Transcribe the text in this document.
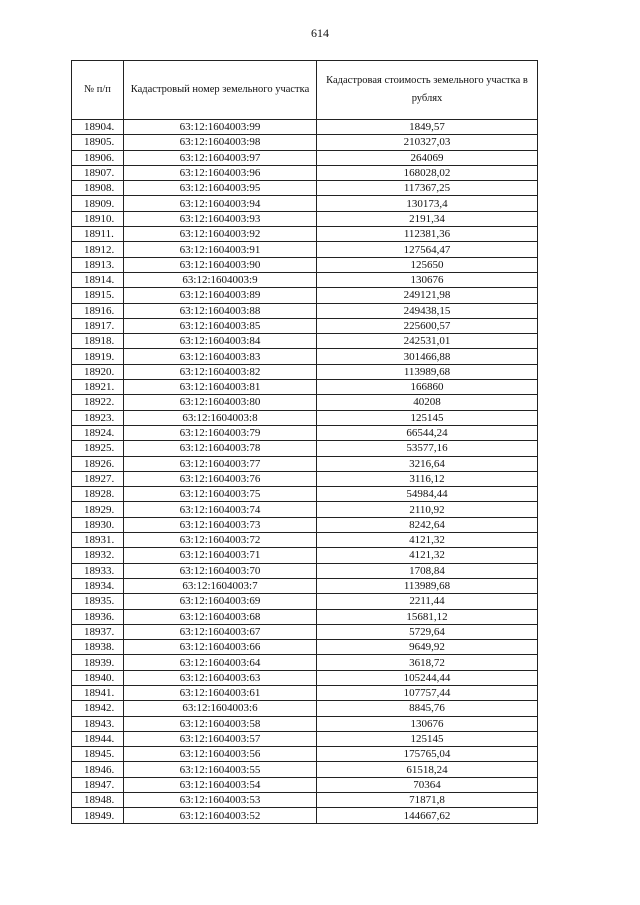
614
№ п/п	Кадастровый номер земельного участка	Кадастровая стоимость земельного участка в рублях
18904.	63:12:1604003:99	1849,57
18905.	63:12:1604003:98	210327,03
18906.	63:12:1604003:97	264069
18907.	63:12:1604003:96	168028,02
18908.	63:12:1604003:95	117367,25
18909.	63:12:1604003:94	130173,4
18910.	63:12:1604003:93	2191,34
18911.	63:12:1604003:92	112381,36
18912.	63:12:1604003:91	127564,47
18913.	63:12:1604003:90	125650
18914.	63:12:1604003:9	130676
18915.	63:12:1604003:89	249121,98
18916.	63:12:1604003:88	249438,15
18917.	63:12:1604003:85	225600,57
18918.	63:12:1604003:84	242531,01
18919.	63:12:1604003:83	301466,88
18920.	63:12:1604003:82	113989,68
18921.	63:12:1604003:81	166860
18922.	63:12:1604003:80	40208
18923.	63:12:1604003:8	125145
18924.	63:12:1604003:79	66544,24
18925.	63:12:1604003:78	53577,16
18926.	63:12:1604003:77	3216,64
18927.	63:12:1604003:76	3116,12
18928.	63:12:1604003:75	54984,44
18929.	63:12:1604003:74	2110,92
18930.	63:12:1604003:73	8242,64
18931.	63:12:1604003:72	4121,32
18932.	63:12:1604003:71	4121,32
18933.	63:12:1604003:70	1708,84
18934.	63:12:1604003:7	113989,68
18935.	63:12:1604003:69	2211,44
18936.	63:12:1604003:68	15681,12
18937.	63:12:1604003:67	5729,64
18938.	63:12:1604003:66	9649,92
18939.	63:12:1604003:64	3618,72
18940.	63:12:1604003:63	105244,44
18941.	63:12:1604003:61	107757,44
18942.	63:12:1604003:6	8845,76
18943.	63:12:1604003:58	130676
18944.	63:12:1604003:57	125145
18945.	63:12:1604003:56	175765,04
18946.	63:12:1604003:55	61518,24
18947.	63:12:1604003:54	70364
18948.	63:12:1604003:53	71871,8
18949.	63:12:1604003:52	144667,62
